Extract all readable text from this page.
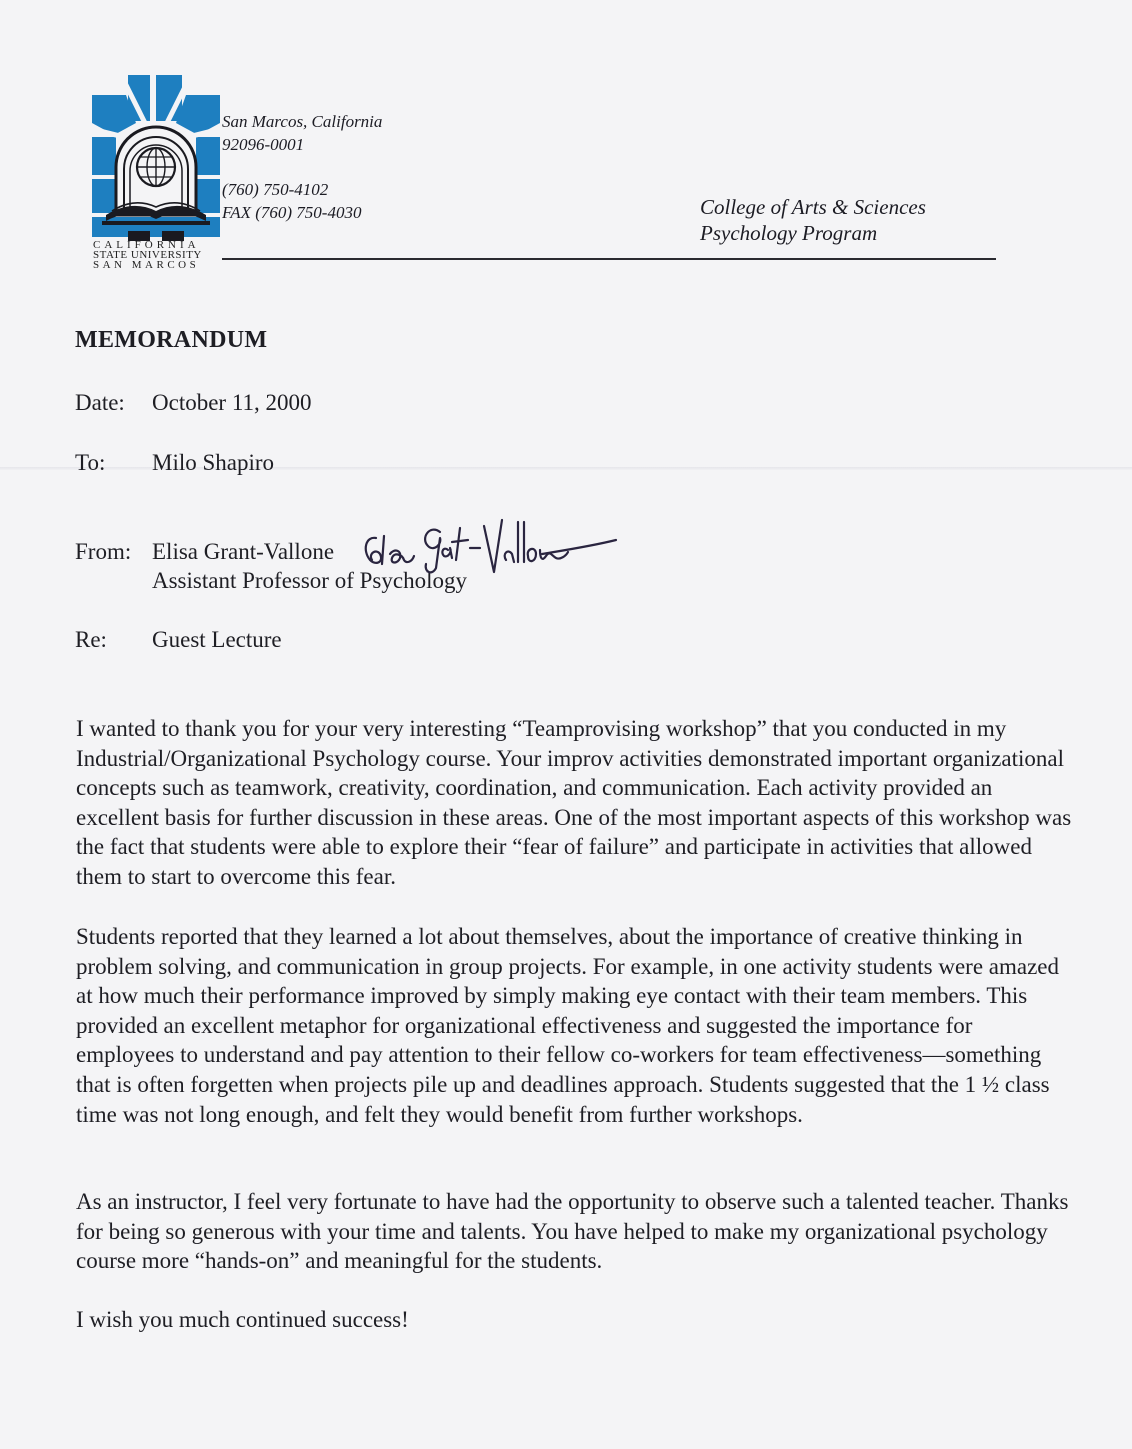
CALIFORNIA
STATE UNIVERSITY
SAN MARCOS
San Marcos, California
92096-0001
(760) 750-4102
FAX (760) 750-4030	College of Arts & Sciences
Psychology Program
MEMORANDUM
Date: October 11, 2000
To: Milo Shapiro
From: Elisa Grant-Vallone
Assistant Professor of Psychology
Re: Guest Lecture

I wanted to thank you for your very interesting “Teamprovising workshop” that you conducted in my Industrial/Organizational Psychology course. Your improv activities demonstrated important organizational concepts such as teamwork, creativity, coordination, and communication. Each activity provided an excellent basis for further discussion in these areas. One of the most important aspects of this workshop was the fact that students were able to explore their “fear of failure” and participate in activities that allowed them to start to overcome this fear.

Students reported that they learned a lot about themselves, about the importance of creative thinking in problem solving, and communication in group projects. For example, in one activity students were amazed at how much their performance improved by simply making eye contact with their team members. This provided an excellent metaphor for organizational effectiveness and suggested the importance for employees to understand and pay attention to their fellow co-workers for team effectiveness—something that is often forgetten when projects pile up and deadlines approach. Students suggested that the 1 ½ class time was not long enough, and felt they would benefit from further workshops.

As an instructor, I feel very fortunate to have had the opportunity to observe such a talented teacher. Thanks for being so generous with your time and talents. You have helped to make my organizational psychology course more “hands-on” and meaningful for the students.

I wish you much continued success!
